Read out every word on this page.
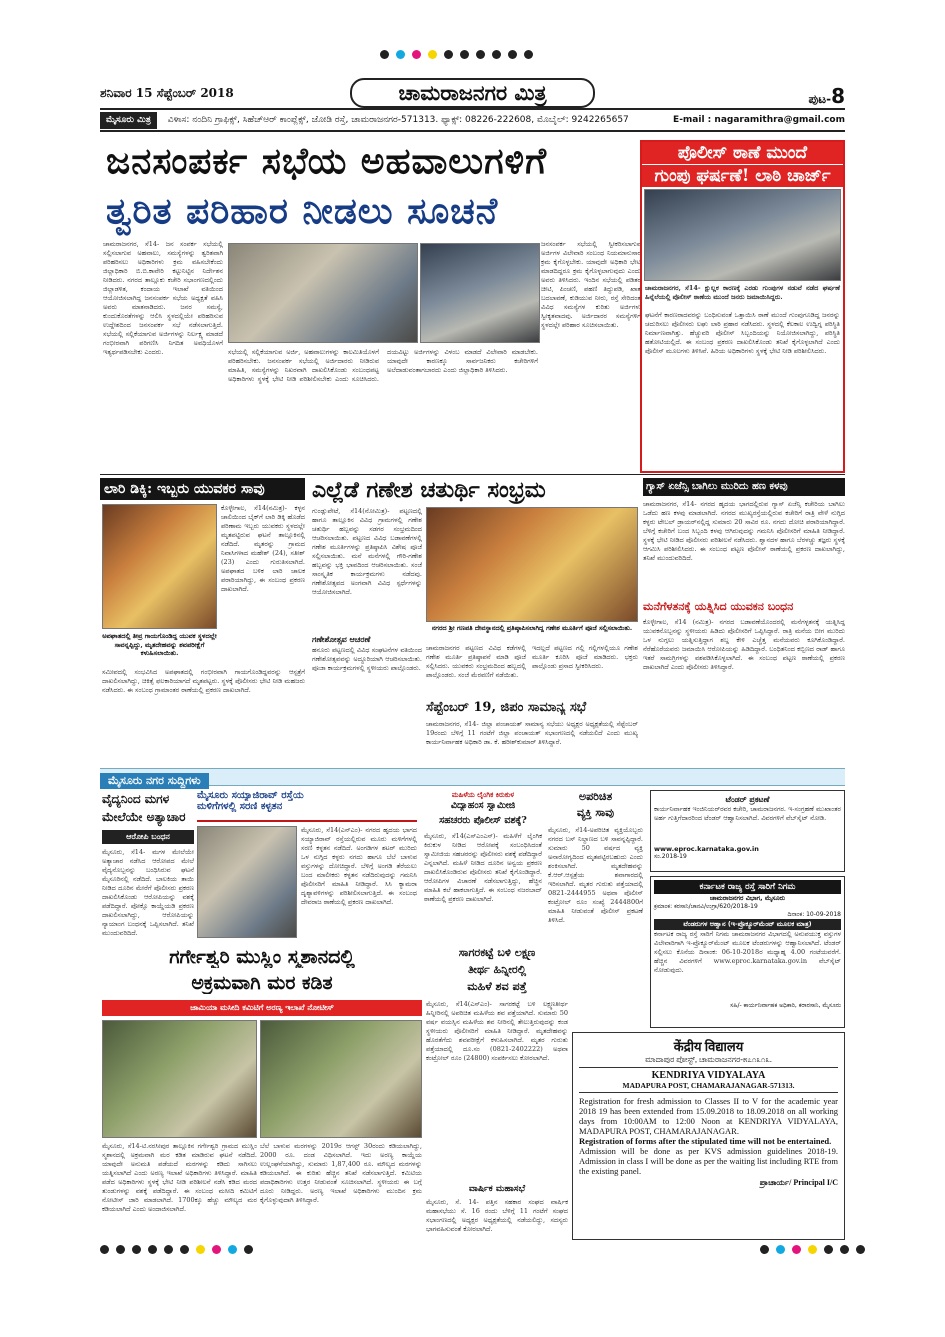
ಶನಿವಾರ 15 ಸೆಪ್ಟೆಂಬರ್ 2018	ಚಾಮರಾಜನಗರ ಮಿತ್ರ	ಪುಟ-8
ಮೈಸೂರು ಮಿತ್ರ ವಿಳಾಸ: ನಂದಿನಿ ಗ್ರಾಫಿಕ್ಸ್, ಸಿಹೆಚ್‌ಆರ್ ಕಾಂಪ್ಲೆಕ್ಸ್, ಜೋಡಿ ರಸ್ತೆ, ಚಾಮರಾಜನಗರ-571313. ಫ್ಯಾಕ್ಸ್: 08226-222608, ಮೊಬೈಲ್: 9242265657	E-mail : nagaramithra@gmail.com
ಜನಸಂಪರ್ಕ ಸಭೆಯ ಅಹವಾಲುಗಳಿಗೆ
ತ್ವರಿತ ಪರಿಹಾರ ನೀಡಲು ಸೂಚನೆ
ಚಾಮರಾಜನಗರ, ಸೆ14- ಜನ ಸಂಪರ್ಕ ಸಭೆಯಲ್ಲಿ ಸಲ್ಲಿಸಲಾಗುವ ಅಹವಾಲು, ಸಮಸ್ಯೆಗಳನ್ನು ತ್ವರಿತವಾಗಿ ಪರಿಹರಿಸಲು ಅಧಿಕಾರಿಗಳು ಕ್ರಮ ವಹಿಸಬೇಕೆಂದು ಜಿಲ್ಲಾಧಿಕಾರಿ ಬಿ.ಬಿ.ಕಾವೇರಿ ಕಟ್ಟುನಿಟ್ಟಿನ ನಿರ್ದೇಶನ ನೀಡಿದರು. ನಗರದ ತಾಲ್ಲೂಕು ಕಚೇರಿ ಸಭಾಂಗಣದಲ್ಲಿಂದು ಜಿಲ್ಲಾಡಳಿತ, ಕಂದಾಯ ಇಲಾಖೆ ವತಿಯಿಂದ ಆಯೋಜಿಸಲಾಗಿದ್ದ ಜನಸಂಪರ್ಕ ಸಭೆಯ ಅಧ್ಯಕ್ಷತೆ ವಹಿಸಿ ಅವರು ಮಾತನಾಡಿದರು. ಜನರ ಸಮಸ್ಯೆ, ಕುಂದುಕೊರತೆಗಳನ್ನು ಆಲಿಸಿ ಸ್ಥಳದಲ್ಲಿಯೇ ಪರಿಹರಿಸುವ ಉದ್ದೇಶದಿಂದ ಜನಸಂಪರ್ಕ ಸಭೆ ನಡೆಸಲಾಗುತ್ತಿದೆ. ಸಭೆಯಲ್ಲಿ ಸಲ್ಲಿಕೆಯಾಗುವ ಅರ್ಜಿಗಳನ್ನು ನಿರ್ಲಕ್ಷ್ಯ ಮಾಡದೆ ಗಂಭೀರವಾಗಿ ಪರಿಗಣಿಸಿ ನಿಗದಿತ ಅವಧಿಯೊಳಗೆ ಇತ್ಯರ್ಥಪಡಿಸಬೇಕು ಎಂದರು.	ಸಭೆಯಲ್ಲಿ ಸಲ್ಲಿಕೆಯಾಗುವ ಅರ್ಜಿ, ಅಹವಾಲುಗಳನ್ನು ಕಾಲಮಿತಿಯೊಳಗೆ ಪರಿಹರಿಸಬೇಕು. ಜನಸಂಪರ್ಕ ಸಭೆಯಲ್ಲಿ ಅರ್ಜಿದಾರರು ನೀಡಿರುವ ಮಾಹಿತಿ, ಸಮಸ್ಯೆಗಳನ್ನು ನಿಖರವಾಗಿ ದಾಖಲಿಸಿಕೊಂಡು ಸಂಬಂಧಪಟ್ಟ ಅಧಿಕಾರಿಗಳು ಸ್ಥಳಕ್ಕೆ ಭೇಟಿ ನೀಡಿ ಪರಿಶೀಲಿಸಬೇಕು ಎಂದು ಸೂಚಿಸಿದರು. ದಯವಿಟ್ಟು ಅರ್ಜಿಗಳನ್ನು ವಿಳಂಬ ಮಾಡದೆ ವಿಲೇವಾರಿ ಮಾಡಬೇಕು. ಯಾವುದೇ ಕಾರಣಕ್ಕೂ ಸಾರ್ವಜನಿಕರು ಕಚೇರಿಗಳಿಗೆ ಅಲೆದಾಡುವಂತಾಗಬಾರದು ಎಂದು ಜಿಲ್ಲಾಧಿಕಾರಿ ತಿಳಿಸಿದರು.
ಜನಸಂಪರ್ಕ ಸಭೆಯಲ್ಲಿ ಸ್ವೀಕರಿಸಲಾಗುವ ಅರ್ಜಿಗಳ ವಿಲೇವಾರಿ ಸಂಬಂಧ ನಿಯಮಾನುಸಾರ ಕ್ರಮ ಕೈಗೊಳ್ಳಬೇಕು. ಯಾವುದೇ ಅಧಿಕಾರಿ ಭೇಟಿ ಮಾಡದಿದ್ದರೂ ಕ್ರಮ ಕೈಗೊಳ್ಳಲಾಗುವುದು ಎಂದು ಅವರು ತಿಳಿಸಿದರು. ಇಂದಿನ ಸಭೆಯಲ್ಲಿ ಪಡಿತರ ಚೀಟಿ, ಪಿಂಚಣಿ, ಪಹಣಿ ತಿದ್ದುಪಡಿ, ಖಾತೆ ಬದಲಾವಣೆ, ಕುಡಿಯುವ ನೀರು, ರಸ್ತೆ ಸೇರಿದಂತೆ ವಿವಿಧ ಸಮಸ್ಯೆಗಳ ಕುರಿತು ಅರ್ಜಿಗಳು ಸ್ವೀಕೃತವಾದವು. ಅರ್ಜಿದಾರರ ಸಮಸ್ಯೆಗಳಿಗೆ ಸ್ಥಳದಲ್ಲೇ ಪರಿಹಾರ ಸೂಚಿಸಲಾಯಿತು.
ಪೊಲೀಸ್ ಠಾಣೆ ಮುಂದೆ
ಗುಂಪು ಘರ್ಷಣೆ! ಲಾಠಿ ಚಾರ್ಜ್
ಚಾಮರಾಜನಗರ, ಸೆ14- ಕ್ಷುಲ್ಲಕ ಕಾರಣಕ್ಕೆ ಎರಡು ಗುಂಪುಗಳ ನಡುವೆ ನಡೆದ ಘರ್ಷಣೆ ಹಿನ್ನೆಲೆಯಲ್ಲಿ ಪೊಲೀಸ್ ಠಾಣೆಯ ಮುಂದೆ ಜನರು ಜಮಾಯಿಸಿದ್ದರು.
ಘಟನೆಗೆ ಕಾರಣರಾದವರನ್ನು ಬಂಧಿಸುವಂತೆ ಒತ್ತಾಯಿಸಿ ಠಾಣೆ ಮುಂದೆ ಗುಂಪುಗೂಡಿದ್ದ ಜನರನ್ನು ಚದುರಿಸಲು ಪೊಲೀಸರು ಲಘು ಲಾಠಿ ಪ್ರಹಾರ ನಡೆಸಿದರು. ಸ್ಥಳದಲ್ಲಿ ಕೆಲಕಾಲ ಉದ್ವಿಗ್ನ ಪರಿಸ್ಥಿತಿ ನಿರ್ಮಾಣವಾಗಿತ್ತು. ಹೆಚ್ಚುವರಿ ಪೊಲೀಸ್ ಸಿಬ್ಬಂದಿಯನ್ನು ನಿಯೋಜಿಸಲಾಗಿದ್ದು, ಪರಿಸ್ಥಿತಿ ಹತೋಟಿಯಲ್ಲಿದೆ. ಈ ಸಂಬಂಧ ಪ್ರಕರಣ ದಾಖಲಿಸಿಕೊಂಡು ತನಿಖೆ ಕೈಗೊಳ್ಳಲಾಗಿದೆ ಎಂದು ಪೊಲೀಸ್ ಮೂಲಗಳು ತಿಳಿಸಿವೆ. ಹಿರಿಯ ಅಧಿಕಾರಿಗಳು ಸ್ಥಳಕ್ಕೆ ಭೇಟಿ ನೀಡಿ ಪರಿಶೀಲಿಸಿದರು.
ಲಾರಿ ಡಿಕ್ಕಿ: ಇಬ್ಬರು ಯುವಕರ ಸಾವು
ಕೊಳ್ಳೇಗಾಲ, ಸೆ14(ನಮಿತ್ರ)- ಕಳ್ಳನ ಚಾಲಿಯಿಂದ ಬೈಕ್‌ಗೆ ಲಾರಿ ಡಿಕ್ಕಿ ಹೊಡೆದ ಪರಿಣಾಮ ಇಬ್ಬರು ಯುವಕರು ಸ್ಥಳದಲ್ಲೇ ಮೃತಪಟ್ಟಿರುವ ಘಟನೆ ತಾಲ್ಲೂಕಿನಲ್ಲಿ ನಡೆದಿದೆ. ಮೃತರನ್ನು ಗ್ರಾಮದ ನಿವಾಸಿಗಳಾದ ಮಹೇಶ್ (24), ಸತೀಶ್ (23) ಎಂದು ಗುರುತಿಸಲಾಗಿದೆ. ಅಪಘಾತದ ಬಳಿಕ ಲಾರಿ ಚಾಲಕ ಪರಾರಿಯಾಗಿದ್ದು, ಈ ಸಂಬಂಧ ಪ್ರಕರಣ ದಾಖಲಾಗಿದೆ.
ಅಪಘಾತದಲ್ಲಿ ತೀವ್ರ ಗಾಯಗೊಂಡಿದ್ದ ಯುವಕ ಸ್ಥಳದಲ್ಲೇ ಸಾವನ್ನಪ್ಪಿದ್ದು, ಮೃತದೇಹವನ್ನು ಶವಪರೀಕ್ಷೆಗೆ ಕಳುಹಿಸಲಾಯಿತು.
ಸಮೀಪದಲ್ಲಿ ಸಂಭವಿಸಿದ ಅಪಘಾತದಲ್ಲಿ ಗಂಭೀರವಾಗಿ ಗಾಯಗೊಂಡಿದ್ದವರನ್ನು ಆಸ್ಪತ್ರೆಗೆ ದಾಖಲಿಸಲಾಗಿದ್ದು, ಚಿಕಿತ್ಸೆ ಫಲಕಾರಿಯಾಗದೆ ಮೃತಪಟ್ಟರು. ಸ್ಥಳಕ್ಕೆ ಪೊಲೀಸರು ಭೇಟಿ ನೀಡಿ ಮಹಜರು ನಡೆಸಿದರು. ಈ ಸಂಬಂಧ ಗ್ರಾಮಾಂತರ ಠಾಣೆಯಲ್ಲಿ ಪ್ರಕರಣ ದಾಖಲಾಗಿದೆ.
ಎಲ್ಲೆಡೆ ಗಣೇಶ ಚತುರ್ಥಿ ಸಂಭ್ರಮ
ಗುಂಡ್ಲುಪೇಟೆ, ಸೆ14(ನೋಮಿತ್ರ)- ಪಟ್ಟಣದಲ್ಲಿ ಹಾಗೂ ತಾಲ್ಲೂಕಿನ ವಿವಿಧ ಗ್ರಾಮಗಳಲ್ಲಿ ಗಣೇಶ ಚತುರ್ಥಿ ಹಬ್ಬವನ್ನು ಸಡಗರ ಸಂಭ್ರಮದಿಂದ ಆಚರಿಸಲಾಯಿತು. ಪಟ್ಟಣದ ವಿವಿಧ ಬಡಾವಣೆಗಳಲ್ಲಿ ಗಣೇಶ ಮೂರ್ತಿಗಳನ್ನು ಪ್ರತಿಷ್ಠಾಪಿಸಿ ವಿಶೇಷ ಪೂಜೆ ಸಲ್ಲಿಸಲಾಯಿತು. ಮನೆ ಮನೆಗಳಲ್ಲಿ ಗೌರಿ-ಗಣೇಶ ಹಬ್ಬವನ್ನು ಭಕ್ತಿ ಭಾವದಿಂದ ಆಚರಿಸಲಾಯಿತು. ಸಂಜೆ ಸಾಂಸ್ಕೃತಿಕ ಕಾರ್ಯಕ್ರಮಗಳು ನಡೆದವು. ಗಣೇಶೋತ್ಸವದ ಅಂಗವಾಗಿ ವಿವಿಧ ಸ್ಪರ್ಧೆಗಳನ್ನು ಆಯೋಜಿಸಲಾಗಿದೆ.
ಗಣೇಶೋತ್ಸವ ಆಚರಣೆ
ಹನೂರು ಪಟ್ಟಣದಲ್ಲಿ ವಿವಿಧ ಸಂಘಟನೆಗಳ ವತಿಯಿಂದ ಗಣೇಶೋತ್ಸವವನ್ನು ಅದ್ಧೂರಿಯಾಗಿ ಆಚರಿಸಲಾಯಿತು. ಪೂಜಾ ಕಾರ್ಯಕ್ರಮಗಳಲ್ಲಿ ಸ್ಥಳೀಯರು ಪಾಲ್ಗೊಂಡರು.
ನಗರದ ಶ್ರೀ ಗಣಪತಿ ದೇವಸ್ಥಾನದಲ್ಲಿ ಪ್ರತಿಷ್ಠಾಪಿಸಲಾಗಿದ್ದ ಗಣೇಶ ಮೂರ್ತಿಗೆ ಪೂಜೆ ಸಲ್ಲಿಸಲಾಯಿತು.
ಚಾಮರಾಜನಗರ ಪಟ್ಟಣದ ವಿವಿಧ ಕಡೆಗಳಲ್ಲಿ ಗಣೇಶ ಮೂರ್ತಿ ಪ್ರತಿಷ್ಠಾಪನೆ ಮಾಡಿ ಪೂಜೆ ಸಲ್ಲಿಸಿದರು. ಯುವಕರು ಸಂಭ್ರಮದಿಂದ ಹಬ್ಬದಲ್ಲಿ ಪಾಲ್ಗೊಂಡರು. ಸಂಜೆ ಮೆರವಣಿಗೆ ನಡೆಯಿತು.
ಇದಲ್ಲದೆ ಪಟ್ಟಣದ ಗಲ್ಲಿ ಗಲ್ಲಿಗಳಲ್ಲಿಯೂ ಗಣೇಶ ಮೂರ್ತಿ ಕೂರಿಸಿ ಪೂಜೆ ಮಾಡಿದರು. ಭಕ್ತರು ಪಾಲ್ಗೊಂಡು ಪ್ರಸಾದ ಸ್ವೀಕರಿಸಿದರು.
ಸೆಪ್ಟೆಂಬರ್ 19, ಜಿಪಂ ಸಾಮಾನ್ಯ ಸಭೆ
ಚಾಮರಾಜನಗರ, ಸೆ14- ಜಿಲ್ಲಾ ಪಂಚಾಯತ್ ಸಾಮಾನ್ಯ ಸಭೆಯು ಅಧ್ಯಕ್ಷರ ಅಧ್ಯಕ್ಷತೆಯಲ್ಲಿ ಸೆಪ್ಟೆಂಬರ್ 19ರಂದು ಬೆಳಿಗ್ಗೆ 11 ಗಂಟೆಗೆ ಜಿಲ್ಲಾ ಪಂಚಾಯತ್ ಸಭಾಂಗಣದಲ್ಲಿ ನಡೆಯಲಿದೆ ಎಂದು ಮುಖ್ಯ ಕಾರ್ಯನಿರ್ವಾಹಕ ಅಧಿಕಾರಿ ಡಾ. ಕೆ. ಹರೀಶ್‌ಕುಮಾರ್ ತಿಳಿಸಿದ್ದಾರೆ.
ಗ್ಯಾಸ್ ಏಜೆನ್ಸಿ ಬಾಗಿಲು ಮುರಿದು ಹಣ ಕಳವು
ಚಾಮರಾಜನಗರ, ಸೆ14- ನಗರದ ಹೃದಯ ಭಾಗದಲ್ಲಿರುವ ಗ್ಯಾಸ್ ಏಜೆನ್ಸಿ ಕಚೇರಿಯ ಬಾಗಿಲು ಒಡೆದು ಹಣ ಕಳವು ಮಾಡಲಾಗಿದೆ. ನಗರದ ಮುಖ್ಯರಸ್ತೆಯಲ್ಲಿರುವ ಕಚೇರಿಗೆ ರಾತ್ರಿ ವೇಳೆ ನುಗ್ಗಿದ ಕಳ್ಳರು ಟೇಬಲ್ ಡ್ರಾಯರ್‌ನಲ್ಲಿದ್ದ ಸುಮಾರು 20 ಸಾವಿರ ರೂ. ನಗದು ದೋಚಿ ಪರಾರಿಯಾಗಿದ್ದಾರೆ. ಬೆಳಿಗ್ಗೆ ಕಚೇರಿಗೆ ಬಂದ ಸಿಬ್ಬಂದಿ ಕಳವು ಆಗಿರುವುದನ್ನು ಗಮನಿಸಿ ಪೊಲೀಸರಿಗೆ ಮಾಹಿತಿ ನೀಡಿದ್ದಾರೆ. ಸ್ಥಳಕ್ಕೆ ಭೇಟಿ ನೀಡಿದ ಪೊಲೀಸರು ಪರಿಶೀಲನೆ ನಡೆಸಿದರು. ಶ್ವಾನದಳ ಹಾಗೂ ಬೆರಳಚ್ಚು ತಜ್ಞರು ಸ್ಥಳಕ್ಕೆ ಆಗಮಿಸಿ ಪರಿಶೀಲಿಸಿದರು. ಈ ಸಂಬಂಧ ಪಟ್ಟಣ ಪೊಲೀಸ್ ಠಾಣೆಯಲ್ಲಿ ಪ್ರಕರಣ ದಾಖಲಾಗಿದ್ದು, ತನಿಖೆ ಮುಂದುವರಿದಿದೆ.
ಮನೆಗೆಳತನಕ್ಕೆ ಯತ್ನಿಸಿದ ಯುವಕನ ಬಂಧನ
ಕೊಳ್ಳೇಗಾಲ, ಸೆ14 (ನಮಿತ್ರ)- ನಗರದ ಬಡಾವಣೆಯೊಂದರಲ್ಲಿ ಮನೆಗಳ್ಳತನಕ್ಕೆ ಯತ್ನಿಸಿದ್ದ ಯುವಕನೊಬ್ಬನನ್ನು ಸ್ಥಳೀಯರು ಹಿಡಿದು ಪೊಲೀಸರಿಗೆ ಒಪ್ಪಿಸಿದ್ದಾರೆ. ರಾತ್ರಿ ಮನೆಯ ಬೀಗ ಮುರಿದು ಒಳ ನುಗ್ಗಲು ಯತ್ನಿಸುತ್ತಿದ್ದಾಗ ಶಬ್ದ ಕೇಳಿ ಎಚ್ಚೆತ್ತ ಮನೆಯವರು ಕೂಗಿಕೊಂಡಿದ್ದಾರೆ. ನೆರೆಹೊರೆಯವರು ಜಮಾಯಿಸಿ ಆರೋಪಿಯನ್ನು ಹಿಡಿದಿದ್ದಾರೆ. ಬಂಧಿತನಿಂದ ಕಬ್ಬಿಣದ ರಾಡ್ ಹಾಗೂ ಇತರೆ ಸಾಮಗ್ರಿಗಳನ್ನು ವಶಪಡಿಸಿಕೊಳ್ಳಲಾಗಿದೆ. ಈ ಸಂಬಂಧ ಪಟ್ಟಣ ಠಾಣೆಯಲ್ಲಿ ಪ್ರಕರಣ ದಾಖಲಾಗಿದೆ ಎಂದು ಪೊಲೀಸರು ತಿಳಿಸಿದ್ದಾರೆ.
ಮೈಸೂರು ನಗರ ಸುದ್ದಿಗಳು
ವೈದ್ಯನಿಂದ ಮಗಳ
ಮೇಲೆಯೇ ಅತ್ಯಾಚಾರ
ಆರೋಪಿ ಬಂಧನ
ಮೈಸೂರು, ಸೆ14- ಮಗಳ ಮೇಲೆಯೇ ಅತ್ಯಾಚಾರ ನಡೆಸಿದ ಆರೋಪದ ಮೇಲೆ ವೈದ್ಯನೊಬ್ಬನನ್ನು ಬಂಧಿಸಿರುವ ಘಟನೆ ಮೈಸೂರಿನಲ್ಲಿ ನಡೆದಿದೆ. ಬಾಲಕಿಯ ತಾಯಿ ನೀಡಿದ ದೂರಿನ ಮೇರೆಗೆ ಪೊಲೀಸರು ಪ್ರಕರಣ ದಾಖಲಿಸಿಕೊಂಡು ಆರೋಪಿಯನ್ನು ವಶಕ್ಕೆ ಪಡೆದಿದ್ದಾರೆ. ಪೋಕ್ಸೊ ಕಾಯ್ದೆಯಡಿ ಪ್ರಕರಣ ದಾಖಲಿಸಲಾಗಿದ್ದು, ಆರೋಪಿಯನ್ನು ನ್ಯಾಯಾಂಗ ಬಂಧನಕ್ಕೆ ಒಪ್ಪಿಸಲಾಗಿದೆ. ತನಿಖೆ ಮುಂದುವರಿದಿದೆ.
ಮೈಸೂರು ಸಯ್ಯಾಜಿರಾವ್ ರಸ್ತೆಯ
ಮಳಿಗೆಗಳಲ್ಲಿ ಸರಣಿ ಕಳ್ಳತನ
ಮೈಸೂರು, ಸೆ14(ಎನ್‌ಎಂ)- ನಗರದ ಹೃದಯ ಭಾಗದ ಸಯ್ಯಾಜಿರಾವ್ ರಸ್ತೆಯಲ್ಲಿರುವ ಮೂರು ಮಳಿಗೆಗಳಲ್ಲಿ ಸರಣಿ ಕಳ್ಳತನ ನಡೆದಿದೆ. ಅಂಗಡಿಗಳ ಶಟರ್ ಮುರಿದು ಒಳ ನುಗ್ಗಿದ ಕಳ್ಳರು ನಗದು ಹಾಗೂ ಬೆಲೆ ಬಾಳುವ ವಸ್ತುಗಳನ್ನು ದೋಚಿದ್ದಾರೆ. ಬೆಳಿಗ್ಗೆ ಅಂಗಡಿ ತೆರೆಯಲು ಬಂದ ಮಾಲೀಕರು ಕಳ್ಳತನ ನಡೆದಿರುವುದನ್ನು ಗಮನಿಸಿ ಪೊಲೀಸರಿಗೆ ಮಾಹಿತಿ ನೀಡಿದ್ದಾರೆ. ಸಿಸಿ ಕ್ಯಾಮರಾ ದೃಶ್ಯಾವಳಿಗಳನ್ನು ಪರಿಶೀಲಿಸಲಾಗುತ್ತಿದೆ. ಈ ಸಂಬಂಧ ದೇವರಾಜ ಠಾಣೆಯಲ್ಲಿ ಪ್ರಕರಣ ದಾಖಲಾಗಿದೆ.
ಮಹಿಳೆಯ ಲೈಂಗಿಕ ಕಿರುಕುಳ
ವಿದ್ಯಾಹಂಸ ಸ್ವಾಮೀಜಿ
ಸಹಚರರು ಪೊಲೀಸ್ ವಶಕ್ಕೆ?
ಮೈಸೂರು, ಸೆ14(ಎಸ್‌ಎಂಎಸ್)- ಮಹಿಳೆಗೆ ಲೈಂಗಿಕ ಕಿರುಕುಳ ನೀಡಿದ ಆರೋಪಕ್ಕೆ ಸಂಬಂಧಿಸಿದಂತೆ ಸ್ವಾಮೀಜಿಯ ಸಹಚರರನ್ನು ಪೊಲೀಸರು ವಶಕ್ಕೆ ಪಡೆದಿದ್ದಾರೆ ಎನ್ನಲಾಗಿದೆ. ಮಹಿಳೆ ನೀಡಿದ ದೂರಿನ ಅನ್ವಯ ಪ್ರಕರಣ ದಾಖಲಿಸಿಕೊಂಡಿರುವ ಪೊಲೀಸರು ತನಿಖೆ ಕೈಗೊಂಡಿದ್ದಾರೆ. ಆರೋಪಿಗಳ ವಿಚಾರಣೆ ನಡೆಸಲಾಗುತ್ತಿದ್ದು, ಹೆಚ್ಚಿನ ಮಾಹಿತಿ ಕಲೆ ಹಾಕಲಾಗುತ್ತಿದೆ. ಈ ಸಂಬಂಧ ನಜರಬಾದ್ ಠಾಣೆಯಲ್ಲಿ ಪ್ರಕರಣ ದಾಖಲಾಗಿದೆ.
ಅಪರಿಚಿತ
ವ್ಯಕ್ತಿ ಸಾವು
ಮೈಸೂರು, ಸೆ14-ಅಪರಿಚಿತ ವ್ಯಕ್ತಿಯೊಬ್ಬರು ನಗರದ ಬಸ್ ನಿಲ್ದಾಣದ ಬಳಿ ಸಾವನ್ನಪ್ಪಿದ್ದಾರೆ. ಸುಮಾರು 50 ವರ್ಷದ ವ್ಯಕ್ತಿ ಅನಾರೋಗ್ಯದಿಂದ ಮೃತಪಟ್ಟಿರಬಹುದು ಎಂದು ಶಂಕಿಸಲಾಗಿದೆ. ಮೃತದೇಹವನ್ನು ಕೆ.ಆರ್.ಆಸ್ಪತ್ರೆಯ ಶವಾಗಾರದಲ್ಲಿ ಇರಿಸಲಾಗಿದೆ. ಮೃತರ ಗುರುತು ಪತ್ತೆಯಾದಲ್ಲಿ 0821-2444955 ಅಥವಾ ಪೊಲೀಸ್ ಕಂಟ್ರೋಲ್ ರೂಂ ಸಂಖ್ಯೆ 2444800ಗೆ ಮಾಹಿತಿ ನೀಡುವಂತೆ ಪೊಲೀಸ್ ಪ್ರಕಟಣೆ ತಿಳಿಸಿದೆ.
ಟೆಂಡರ್ ಪ್ರಕಟಣೆ
ಕಾರ್ಯನಿರ್ವಾಹಕ ಇಂಜಿನಿಯರ್‌ರವರ ಕಚೇರಿ, ಚಾಮರಾಜನಗರ. ಇ-ಸಂಗ್ರಹಣೆ ಮುಖಾಂತರ ಅರ್ಹ ಗುತ್ತಿಗೆದಾರರಿಂದ ಟೆಂಡರ್ ಆಹ್ವಾನಿಸಲಾಗಿದೆ. ವಿವರಗಳಿಗೆ ವೆಬ್‌ಸೈಟ್ ನೋಡಿ.
www.eproc.karnataka.gov.in
ಸಂ.2018-19
ಕರ್ನಾಟಕ ರಾಜ್ಯ ರಸ್ತೆ ಸಾರಿಗೆ ನಿಗಮ
ಚಾಮರಾಜನಗರ ವಿಭಾಗ, ಮೈಸೂರು
ಕ್ರಮಾಂಕ: ಕರಸಾನಿ/ಚಾನವಿ/ಉಗ್ರಾ/620/2018-19
ದಿನಾಂಕ: 10-09-2018
ಟೆಂಡರುಗಳ ಆಹ್ವಾನ (ಇ-ಪ್ರೊಕ್ಯೂರ್‌ಮೆಂಟ್ ಮೂಲಕ ಮಾತ್ರ)
ಕರ್ನಾಟಕ ರಾಜ್ಯ ರಸ್ತೆ ಸಾರಿಗೆ ನಿಗಮ ಚಾಮರಾಜನಗರ ವಿಭಾಗದಲ್ಲಿ ಅನುಪಯುಕ್ತ ವಸ್ತುಗಳ ವಿಲೇವಾರಿಗಾಗಿ ಇ-ಪ್ರೊಕ್ಯೂರ್‌ಮೆಂಟ್ ಮೂಲಕ ಟೆಂಡರುಗಳನ್ನು ಆಹ್ವಾನಿಸಲಾಗಿದೆ. ಟೆಂಡರ್ ಸಲ್ಲಿಸಲು ಕೊನೆಯ ದಿನಾಂಕ: 06-10-2018ರ ಮಧ್ಯಾಹ್ನ 4.00 ಗಂಟೆಯವರೆಗೆ. ಹೆಚ್ಚಿನ ವಿವರಗಳಿಗೆ www.eproc.karnataka.gov.in ವೆಬ್‌ಸೈಟ್ ನೋಡುವುದು.
ಸಹಿ/- ಕಾರ್ಯನಿರ್ವಾಹಕ ಅಧಿಕಾರಿ, ಕರಾರಸಾನಿ, ಮೈಸೂರು
ಗರ್ಗೇಶ್ವರಿ ಮುಸ್ಲಿಂ ಸ್ಮಶಾನದಲ್ಲಿ
ಅಕ್ರಮವಾಗಿ ಮರ ಕಡಿತ
ಜಾಮಿಯಾ ಮಸೀದಿ ಕಮಿಟಿಗೆ ಅರಣ್ಯ ಇಲಾಖೆ ನೋಟೀಸ್
ಮೈಸೂರು, ಸೆ14-ಟಿ.ನರಸೀಪುರ ತಾಲ್ಲೂಕಿನ ಗರ್ಗೇಶ್ವರಿ ಗ್ರಾಮದ ಮುಸ್ಲಿಂ ಸ್ಮಶಾನದಲ್ಲಿ ಅಕ್ರಮವಾಗಿ ಮರ ಕಡಿತ ಮಾಡಿರುವ ಘಟನೆ ನಡೆದಿದೆ. ಯಾವುದೇ ಅನುಮತಿ ಪಡೆಯದೆ ಮರಗಳನ್ನು ಕಡಿದು ಸಾಗಿಸಲು ಯತ್ನಿಸಲಾಗಿದೆ ಎಂದು ಅರಣ್ಯ ಇಲಾಖೆ ಅಧಿಕಾರಿಗಳು ತಿಳಿಸಿದ್ದಾರೆ. ಮಾಹಿತಿ ಪಡೆದ ಅಧಿಕಾರಿಗಳು ಸ್ಥಳಕ್ಕೆ ಭೇಟಿ ನೀಡಿ ಪರಿಶೀಲನೆ ನಡೆಸಿ ಕಡಿದ ಮರದ ತುಂಡುಗಳನ್ನು ವಶಕ್ಕೆ ಪಡೆದಿದ್ದಾರೆ. ಈ ಸಂಬಂಧ ಮಸೀದಿ ಕಮಿಟಿಗೆ ನೋಟೀಸ್ ಜಾರಿ ಮಾಡಲಾಗಿದೆ. 1700ಕ್ಕೂ ಹೆಚ್ಚು ಮೌಲ್ಯದ ಮರ ಕಡಿಯಲಾಗಿದೆ ಎಂದು ಅಂದಾಜಿಸಲಾಗಿದೆ.
ಬೆಲೆ ಬಾಳುವ ಮರಗಳನ್ನು 2019ರ ಆಗಸ್ಟ್ 30ರಂದು ಕಡಿಯಲಾಗಿದ್ದು, 2000 ರೂ. ದಂಡ ವಿಧಿಸಲಾಗಿದೆ. ಇದು ಅರಣ್ಯ ಕಾಯ್ದೆಯ ಉಲ್ಲಂಘನೆಯಾಗಿದ್ದು, ಸುಮಾರು 1,87,400 ರೂ. ಮೌಲ್ಯದ ಮರಗಳನ್ನು ಕಡಿಯಲಾಗಿದೆ. ಈ ಕುರಿತು ಹೆಚ್ಚಿನ ತನಿಖೆ ನಡೆಸಲಾಗುತ್ತಿದೆ. ಕಮಿಟಿಯ ಪದಾಧಿಕಾರಿಗಳು ಉತ್ತರ ನೀಡುವಂತೆ ಸೂಚಿಸಲಾಗಿದೆ. ಸ್ಥಳೀಯರು ಈ ಬಗ್ಗೆ ದೂರು ನೀಡಿದ್ದರು. ಅರಣ್ಯ ಇಲಾಖೆ ಅಧಿಕಾರಿಗಳು ಮುಂದಿನ ಕ್ರಮ ಕೈಗೊಳ್ಳುವುದಾಗಿ ತಿಳಿಸಿದ್ದಾರೆ.
ಸಾಗರಕಟ್ಟೆ ಬಳಿ ಲಕ್ಷ್ಮಣ
ತೀರ್ಥ ಹಿನ್ನೀರಲ್ಲಿ
ಮಹಿಳೆ ಶವ ಪತ್ತೆ
ಮೈಸೂರು, ಸೆ14(ಎಸ್‌ಎಂ)- ಸಾಗರಕಟ್ಟೆ ಬಳಿ ಲಕ್ಷ್ಮಣತೀರ್ಥ ಹಿನ್ನೀರಿನಲ್ಲಿ ಅಪರಿಚಿತ ಮಹಿಳೆಯ ಶವ ಪತ್ತೆಯಾಗಿದೆ. ಸುಮಾರು 50 ವರ್ಷ ವಯಸ್ಸಿನ ಮಹಿಳೆಯ ಶವ ನೀರಿನಲ್ಲಿ ತೇಲುತ್ತಿರುವುದನ್ನು ಕಂಡ ಸ್ಥಳೀಯರು ಪೊಲೀಸರಿಗೆ ಮಾಹಿತಿ ನೀಡಿದ್ದಾರೆ. ಮೃತದೇಹವನ್ನು ಹೊರತೆಗೆದು ಶವಪರೀಕ್ಷೆಗೆ ಕಳುಹಿಸಲಾಗಿದೆ. ಮೃತರ ಗುರುತು ಪತ್ತೆಯಾದಲ್ಲಿ ದೂ.ಸಂ (0821-2402222) ಅಥವಾ ಕಂಟ್ರೋಲ್ ರೂಂ (24800) ಸಂಪರ್ಕಿಸಲು ಕೋರಲಾಗಿದೆ.
ವಾರ್ಷಿಕ ಮಹಾಸಭೆ
ಮೈಸೂರು, ಸೆ. 14- ಪತ್ತಿನ ಸಹಕಾರ ಸಂಘದ ವಾರ್ಷಿಕ ಮಹಾಸಭೆಯು ಸೆ. 16 ರಂದು ಬೆಳಿಗ್ಗೆ 11 ಗಂಟೆಗೆ ಸಂಘದ ಸಭಾಂಗಣದಲ್ಲಿ ಅಧ್ಯಕ್ಷರ ಅಧ್ಯಕ್ಷತೆಯಲ್ಲಿ ನಡೆಯಲಿದ್ದು, ಸದಸ್ಯರು ಭಾಗವಹಿಸುವಂತೆ ಕೋರಲಾಗಿದೆ.
केंद्रीय विद्यालय
ಮಾದಾಪುರ ಪೋಸ್ಟ್, ಚಾಮರಾಜನಗರ-೫೭೧೩೧೩.
KENDRIYA VIDYALAYA
MADAPURA POST, CHAMARAJANAGAR-571313.
Registration for fresh admission to Classes II to V for the academic year 2018 19 has been extended from 15.09.2018 to 18.09.2018 on all working days from 10:00AM to 12:00 Noon at KENDRIYA VIDYALAYA, MADAPURA POST, CHAMARAJANAGAR.
Registration of forms after the stipulated time will not be entertained.
Admission will be done as per KVS admission guidelines 2018-19. Admission in class I will be done as per the waiting list including RTE from the existing panel.
ಪ್ರಾಚಾರ್ಯ/ Principal I/C
